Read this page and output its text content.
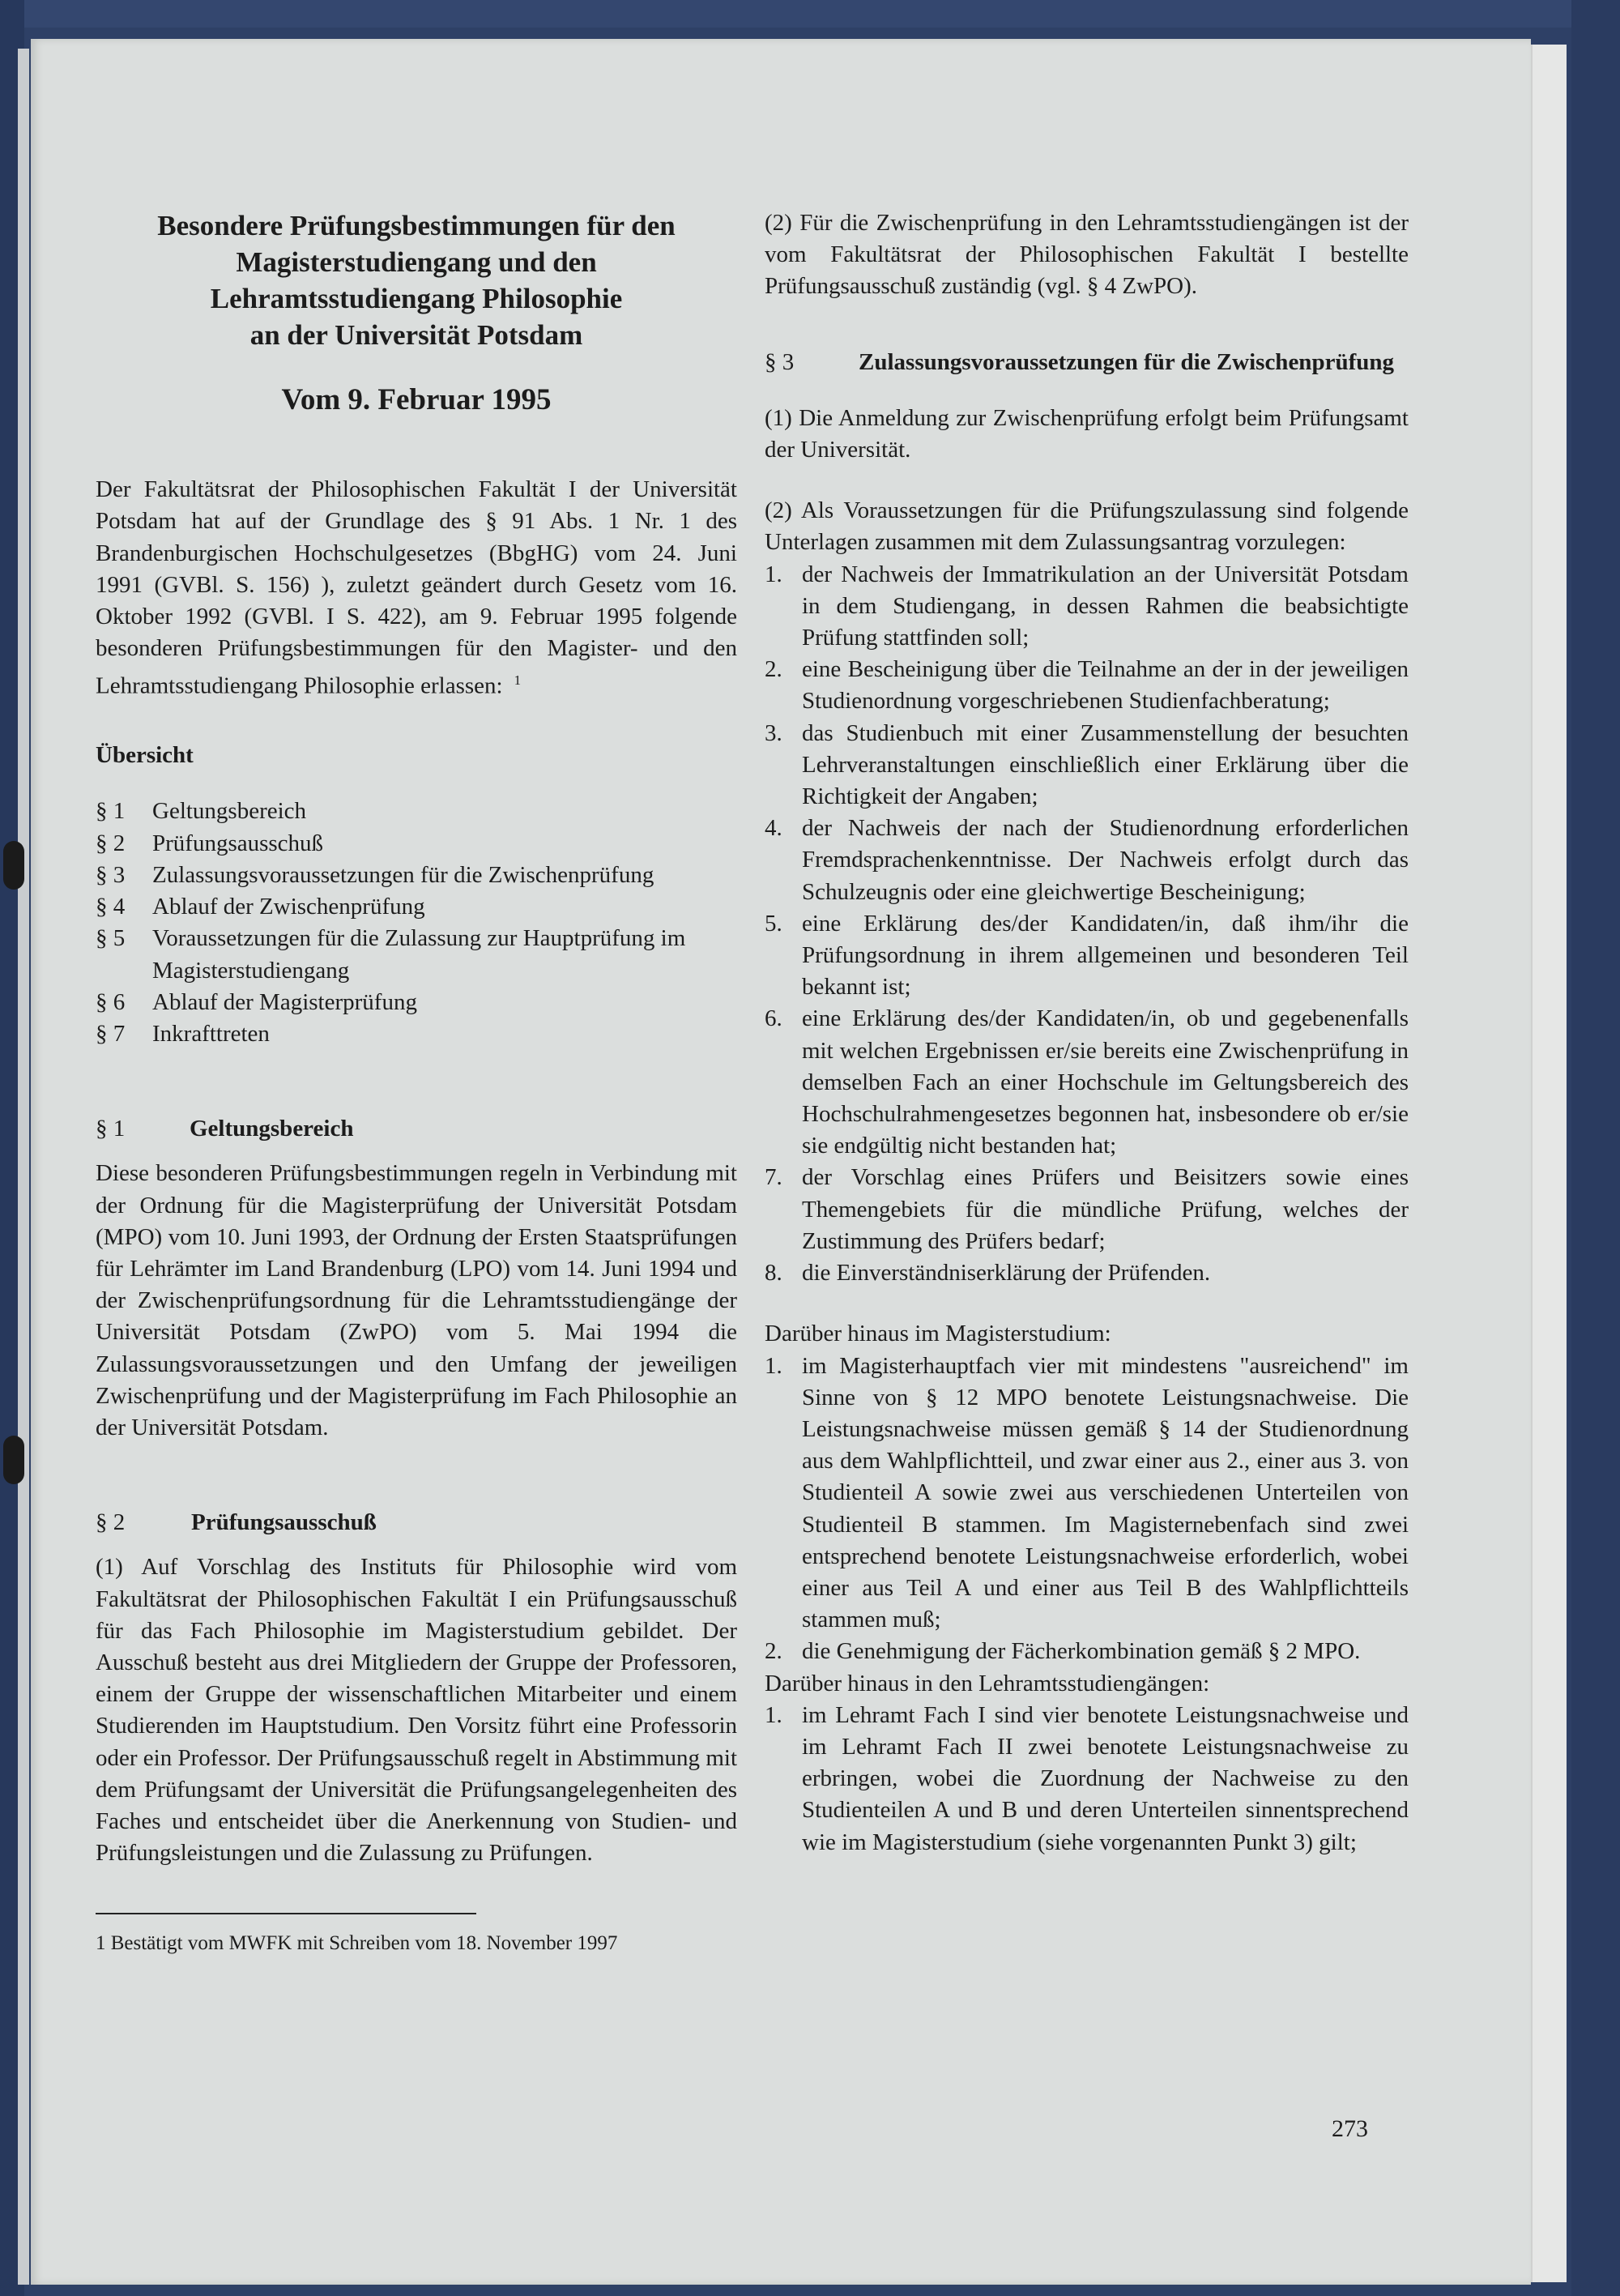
Besondere Prüfungsbestimmungen für den
Magisterstudiengang und den
Lehramtsstudiengang Philosophie
an der Universität Potsdam
Vom 9. Februar 1995

Der Fakultätsrat der Philosophischen Fakultät I der Universität Potsdam hat auf der Grundlage des § 91 Abs. 1 Nr. 1 des Brandenburgischen Hochschulgesetzes (BbgHG) vom 24. Juni 1991 (GVBl. S. 156) ), zuletzt geändert durch Gesetz vom 16. Oktober 1992 (GVBl. I S. 422), am 9. Februar 1995 folgende besonderen Prüfungsbestimmungen für den Magister- und den Lehramtsstudiengang Philosophie erlassen: $^1$

Übersicht
§ 1	Geltungsbereich
§ 2	Prüfungsausschuß
§ 3	Zulassungsvoraussetzungen für die Zwischenprüfung
§ 4	Ablauf der Zwischenprüfung
§ 5	Voraussetzungen für die Zulassung zur Hauptprüfung im Magisterstudiengang
§ 6	Ablauf der Magisterprüfung
§ 7	Inkrafttreten
§ 1	Geltungsbereich

Diese besonderen Prüfungsbestimmungen regeln in Verbindung mit der Ordnung für die Magisterprüfung der Universität Potsdam (MPO) vom 10. Juni 1993, der Ordnung der Ersten Staatsprüfungen für Lehrämter im Land Brandenburg (LPO) vom 14. Juni 1994 und der Zwischenprüfungsordnung für die Lehramtsstudiengänge der Universität Potsdam (ZwPO) vom 5. Mai 1994 die Zulassungsvoraussetzungen und den Umfang der jeweiligen Zwischenprüfung und der Magisterprüfung im Fach Philosophie an der Universität Potsdam.

§ 2	Prüfungsausschuß

(1) Auf Vorschlag des Instituts für Philosophie wird vom Fakultätsrat der Philosophischen Fakultät I ein Prüfungsausschuß für das Fach Philosophie im Magisterstudium gebildet. Der Ausschuß besteht aus drei Mitgliedern der Gruppe der Professoren, einem der Gruppe der wissenschaftlichen Mitarbeiter und einem Studierenden im Hauptstudium. Den Vorsitz führt eine Professorin oder ein Professor. Der Prüfungsausschuß regelt in Abstimmung mit dem Prüfungsamt der Universität die Prüfungsangelegenheiten des Faches und entscheidet über die Anerkennung von Studien- und Prüfungsleistungen und die Zulassung zu Prüfungen.

1 Bestätigt vom MWFK mit Schreiben vom 18. November 1997

(2) Für die Zwischenprüfung in den Lehramtsstudiengängen ist der vom Fakultätsrat der Philosophischen Fakultät I bestellte Prüfungsausschuß zuständig (vgl. § 4 ZwPO).

§ 3	Zulassungsvoraussetzungen für die Zwischenprüfung

(1) Die Anmeldung zur Zwischenprüfung erfolgt beim Prüfungsamt der Universität.

(2) Als Voraussetzungen für die Prüfungszulassung sind folgende Unterlagen zusammen mit dem Zulassungsantrag vorzulegen:

1. der Nachweis der Immatrikulation an der Universität Potsdam in dem Studiengang, in dessen Rahmen die beabsichtigte Prüfung stattfinden soll;
2. eine Bescheinigung über die Teilnahme an der in der jeweiligen Studienordnung vorgeschriebenen Studienfachberatung;
3. das Studienbuch mit einer Zusammenstellung der besuchten Lehrveranstaltungen einschließlich einer Erklärung über die Richtigkeit der Angaben;
4. der Nachweis der nach der Studienordnung erforderlichen Fremdsprachenkenntnisse. Der Nachweis erfolgt durch das Schulzeugnis oder eine gleichwertige Bescheinigung;
5. eine Erklärung des/der Kandidaten/in, daß ihm/ihr die Prüfungsordnung in ihrem allgemeinen und besonderen Teil bekannt ist;
6. eine Erklärung des/der Kandidaten/in, ob und gegebenenfalls mit welchen Ergebnissen er/sie bereits eine Zwischenprüfung in demselben Fach an einer Hochschule im Geltungsbereich des Hochschulrahmengesetzes begonnen hat, insbesondere ob er/sie sie endgültig nicht bestanden hat;
7. der Vorschlag eines Prüfers und Beisitzers sowie eines Themengebiets für die mündliche Prüfung, welches der Zustimmung des Prüfers bedarf;
8. die Einverständniserklärung der Prüfenden.

Darüber hinaus im Magisterstudium:

1. im Magisterhauptfach vier mit mindestens "ausreichend" im Sinne von § 12 MPO benotete Leistungsnachweise. Die Leistungsnachweise müssen gemäß § 14 der Studienordnung aus dem Wahlpflichtteil, und zwar einer aus 2., einer aus 3. von Studienteil A sowie zwei aus verschiedenen Unterteilen von Studienteil B stammen. Im Magisternebenfach sind zwei entsprechend benotete Leistungsnachweise erforderlich, wobei einer aus Teil A und einer aus Teil B des Wahlpflichtteils stammen muß;
2. die Genehmigung der Fächerkombination gemäß § 2 MPO.

Darüber hinaus in den Lehramtsstudiengängen:

1. im Lehramt Fach I sind vier benotete Leistungsnachweise und im Lehramt Fach II zwei benotete Leistungsnachweise zu erbringen, wobei die Zuordnung der Nachweise zu den Studienteilen A und B und deren Unterteilen sinnentsprechend wie im Magisterstudium (siehe vorgenannten Punkt 3) gilt;
273
